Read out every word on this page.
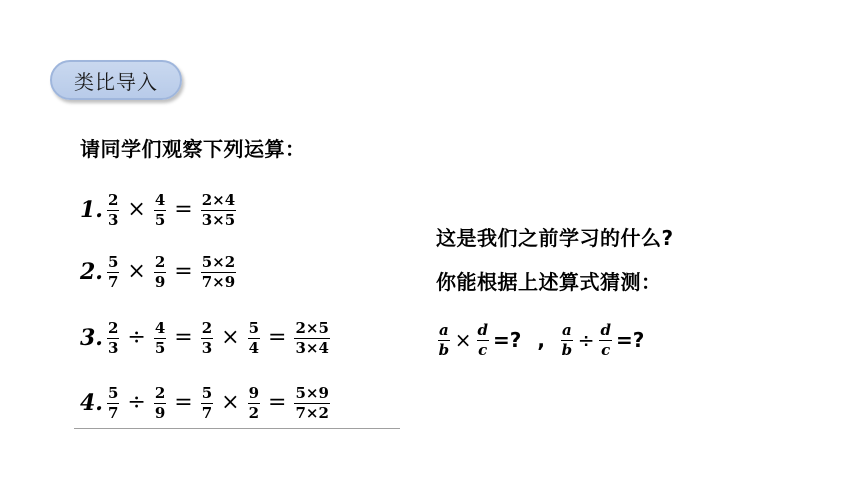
类比导入
请同学们观察下列运算：
1. $\frac{2}{3} \times \frac{4}{5} = \frac{2\times 4}{3\times 5}$
2. $\frac{5}{7} \times \frac{2}{9} = \frac{5\times 2}{7\times 9}$
3. $\frac{2}{3} \div \frac{4}{5} = \frac{2}{3} \times \frac{5}{4} = \frac{2\times 5}{3\times 4}$
4. $\frac{5}{7} \div \frac{2}{9} = \frac{5}{7} \times \frac{9}{2} = \frac{5\times 9}{7\times 2}$
这是我们之前学习的什么?
你能根据上述算式猜测：
$\frac{a}{b} \times \frac{d}{c}$ =? , $\frac{a}{b} \div \frac{d}{c}$ =?
